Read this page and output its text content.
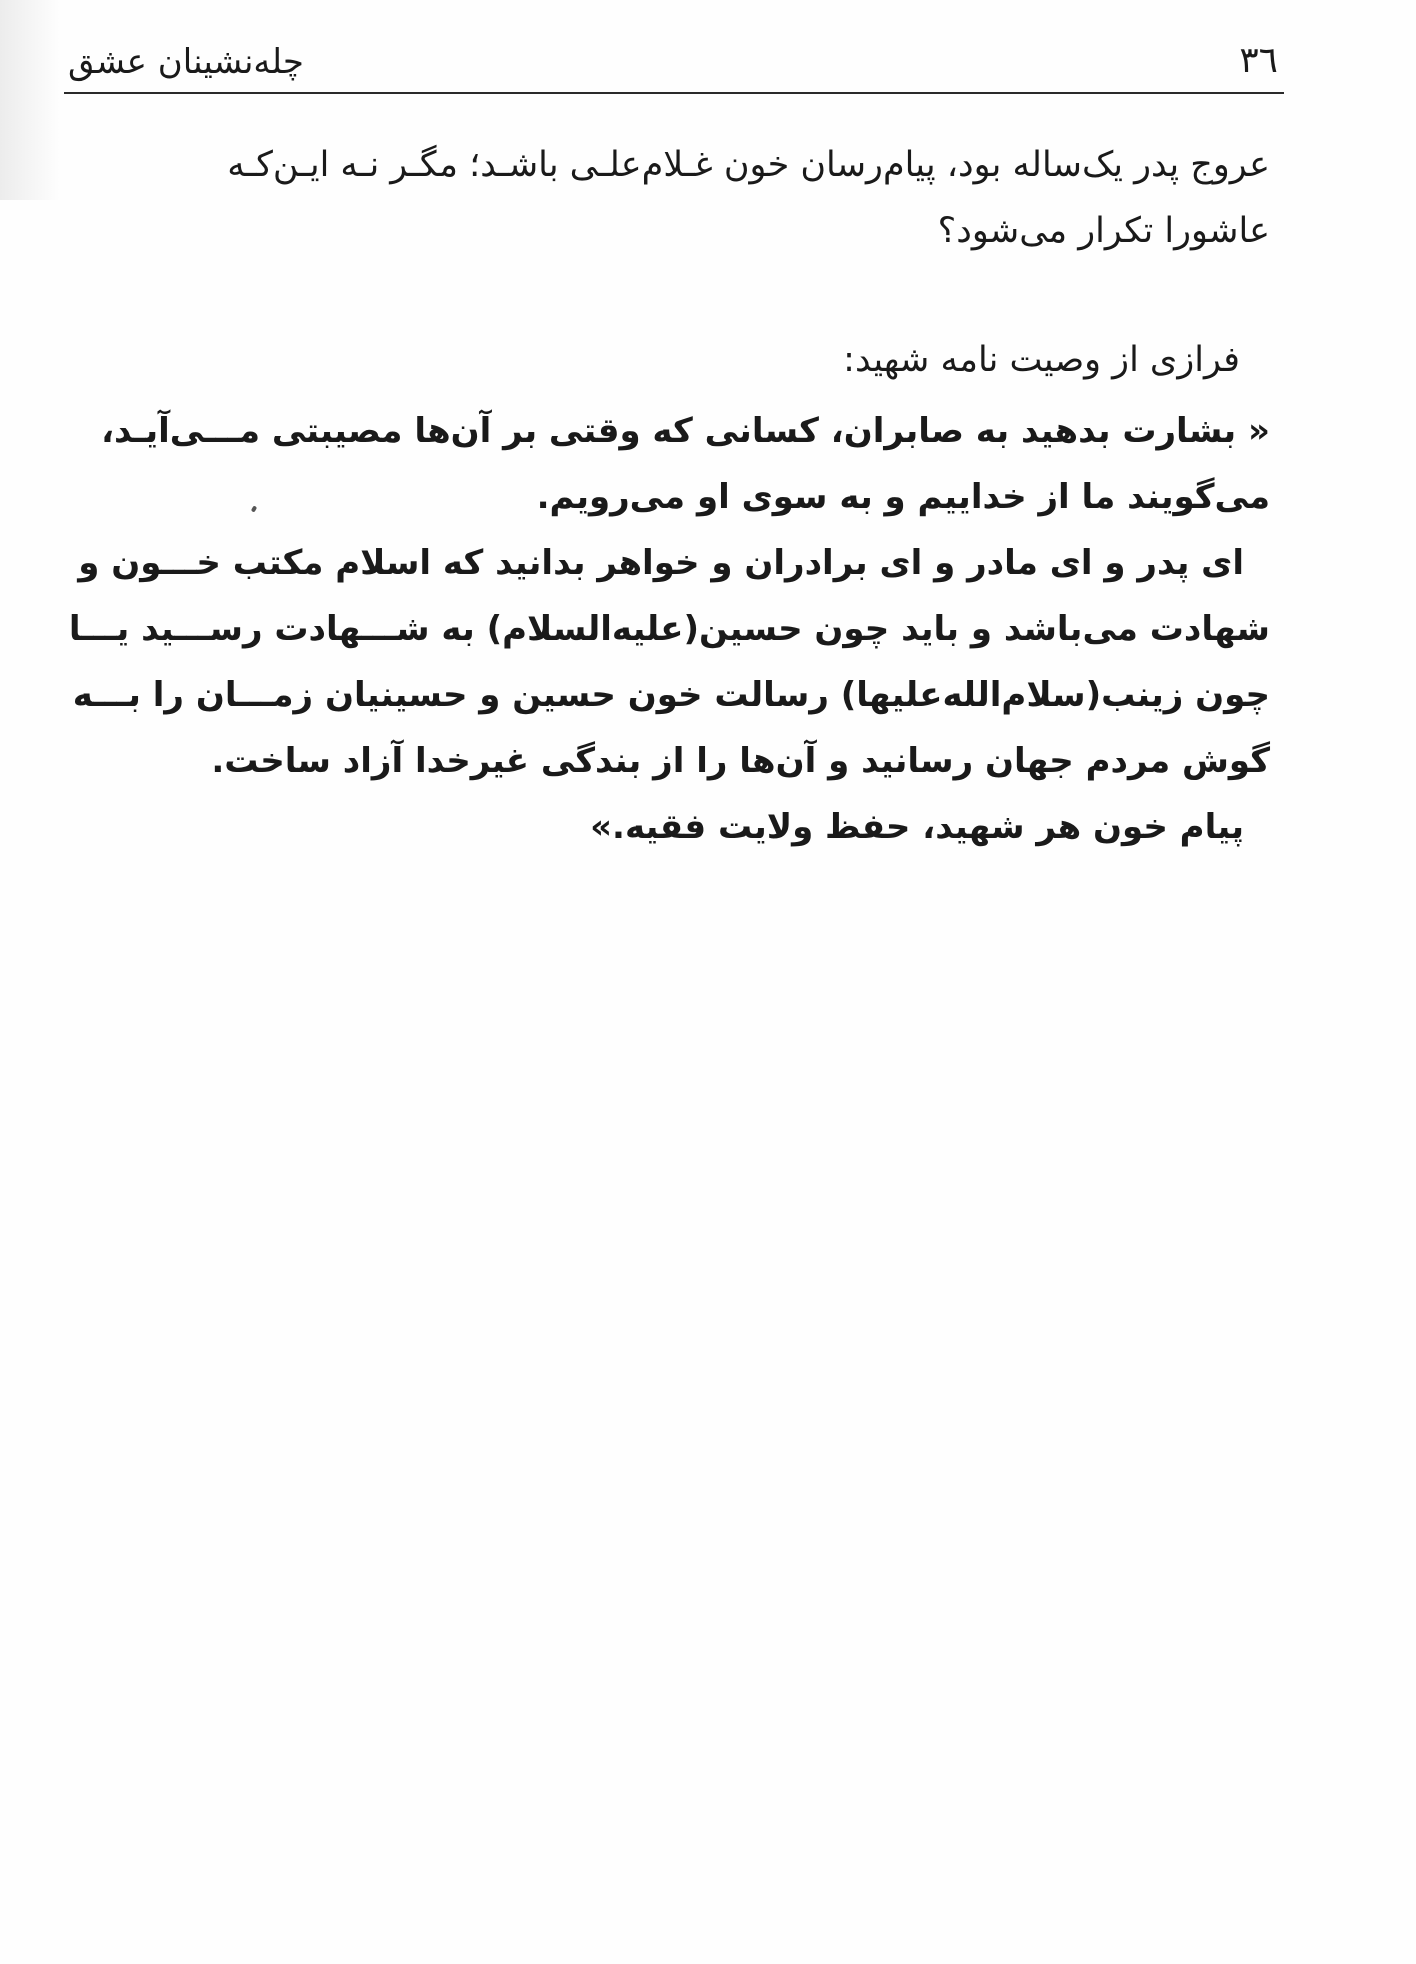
چله‌نشینان عشق	۳٦
عروج پدر یک‌ساله بود، پیام‌رسان خون غـلام‌علـی باشـد؛ مگـر نـه ایـن‌کـه
عاشورا تکرار می‌شود؟
فرازی از وصیت نامه شهید:
« بشارت بدهید به صابران، کسانی که وقتی بر آن‌ها مصیبتی مـــی‌آیـد،
می‌گویند ما از خداییم و به سوی او می‌رویم.
ای پدر و ای مادر و ای برادران و خواهر بدانید که اسلام مکتب خـــون و
شهادت می‌باشد و باید چون حسین(علیه‌السلام) به شـــهادت رســـید یـــا
چون زینب(سلام‌الله‌علیها) رسالت خون حسین و حسینیان زمـــان را بـــه
گوش مردم جهان رسانید و آن‌ها را از بندگی غیرخدا آزاد ساخت.
پیام خون هر شهید، حفظ ولایت فقیه.»
